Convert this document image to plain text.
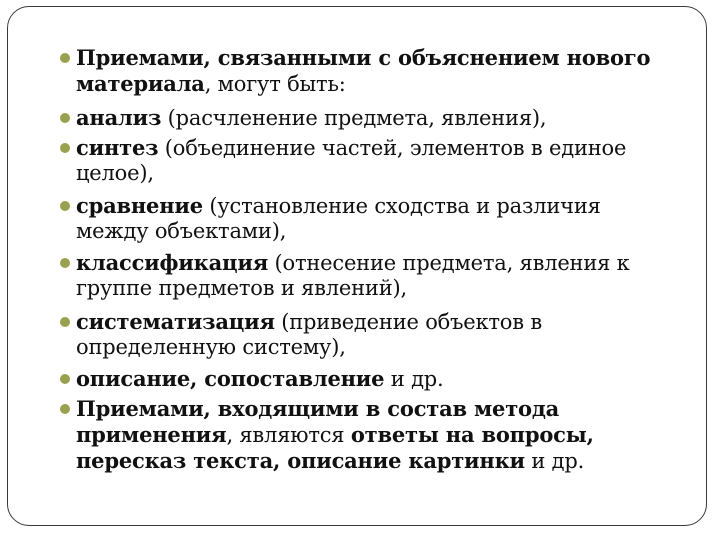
Приемами, связанными с объяснением нового
материала, могут быть:
анализ (расчленение предмета, явления),
синтез (объединение частей, элементов в единое
целое),
сравнение (установление сходства и различия
между объектами),
классификация (отнесение предмета, явления к
группе предметов и явлений),
систематизация (приведение объектов в
определенную систему),
описание, сопоставление и др.
Приемами, входящими в состав метода
применения, являются ответы на вопросы,
пересказ текста, описание картинки и др.
